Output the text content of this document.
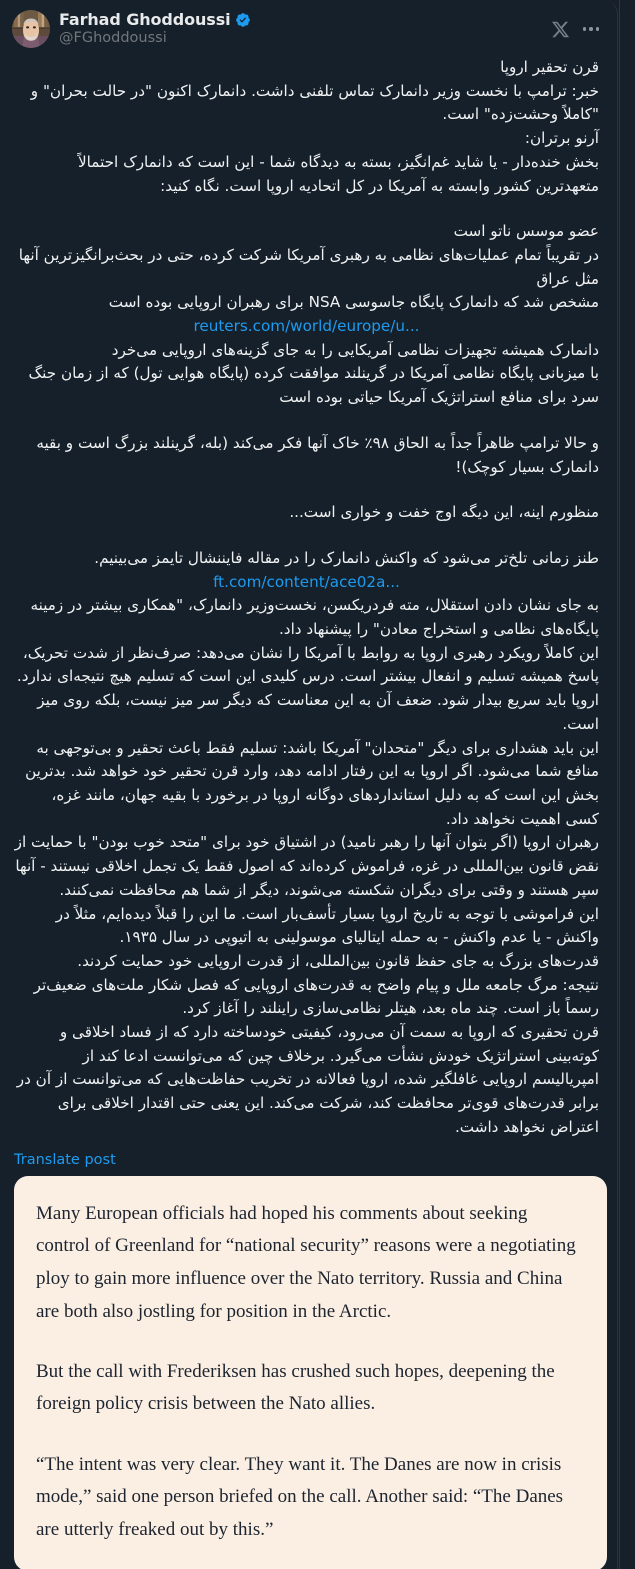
Farhad Ghoddoussi
@FGhoddoussi

قرن تحقیر اروپا

خبر: ترامپ با نخست وزیر دانمارک تماس تلفنی داشت. دانمارک اکنون "در حالت بحران" و "کاملاً وحشت‌زده" است.

آرنو برتران:

بخش خنده‌دار - یا شاید غم‌انگیز، بسته به دیدگاه شما - این است که دانمارک احتمالاً متعهدترین کشور وابسته به آمریکا در کل اتحادیه اروپا است. نگاه کنید:

عضو موسس ناتو است

در تقریباً تمام عملیات‌های نظامی به رهبری آمریکا شرکت کرده، حتی در بحث‌برانگیزترین آنها مثل عراق

مشخص شد که دانمارک پایگاه جاسوسی NSA برای رهبران اروپایی بوده است

reuters.com/world/europe/u...

دانمارک همیشه تجهیزات نظامی آمریکایی را به جای گزینه‌های اروپایی می‌خرد

با میزبانی پایگاه نظامی آمریکا در گرینلند موافقت کرده (پایگاه هوایی تول) که از زمان جنگ سرد برای منافع استراتژیک آمریکا حیاتی بوده است

و حالا ترامپ ظاهراً جداً به الحاق ۹۸٪ خاک آنها فکر می‌کند (بله، گرینلند بزرگ است و بقیه دانمارک بسیار کوچک)!

منظورم اینه، این دیگه اوج خفت و خواری است...

طنز زمانی تلخ‌تر می‌شود که واکنش دانمارک را در مقاله فایننشال تایمز می‌بینیم.

ft.com/content/ace02a...

به جای نشان دادن استقلال، مته فردریکسن، نخست‌وزیر دانمارک، "همکاری بیشتر در زمینه پایگاه‌های نظامی و استخراج معادن" را پیشنهاد داد.

این کاملاً رویکرد رهبری اروپا به روابط با آمریکا را نشان می‌دهد: صرف‌نظر از شدت تحریک، پاسخ همیشه تسلیم و انفعال بیشتر است. درس کلیدی این است که تسلیم هیچ نتیجه‌ای ندارد. اروپا باید سریع بیدار شود. ضعف آن به این معناست که دیگر سر میز نیست، بلکه روی میز است.

این باید هشداری برای دیگر "متحدان" آمریکا باشد: تسلیم فقط باعث تحقیر و بی‌توجهی به منافع شما می‌شود. اگر اروپا به این رفتار ادامه دهد، وارد قرن تحقیر خود خواهد شد. بدترین بخش این است که به دلیل استانداردهای دوگانه اروپا در برخورد با بقیه جهان، مانند غزه، کسی اهمیت نخواهد داد.

رهبران اروپا (اگر بتوان آنها را رهبر نامید) در اشتیاق خود برای "متحد خوب بودن" با حمایت از نقض قانون بین‌المللی در غزه، فراموش کرده‌اند که اصول فقط یک تجمل اخلاقی نیستند - آنها سپر هستند و وقتی برای دیگران شکسته می‌شوند، دیگر از شما هم محافظت نمی‌کنند.

این فراموشی با توجه به تاریخ اروپا بسیار تأسف‌بار است. ما این را قبلاً دیده‌ایم، مثلاً در واکنش - یا عدم واکنش - به حمله ایتالیای موسولینی به اتیوپی در سال ۱۹۳۵.

قدرت‌های بزرگ به جای حفظ قانون بین‌المللی، از قدرت اروپایی خود حمایت کردند.

نتیجه: مرگ جامعه ملل و پیام واضح به قدرت‌های اروپایی که فصل شکار ملت‌های ضعیف‌تر رسماً باز است. چند ماه بعد، هیتلر نظامی‌سازی راینلند را آغاز کرد.

قرن تحقیری که اروپا به سمت آن می‌رود، کیفیتی خودساخته دارد که از فساد اخلاقی و کوته‌بینی استراتژیک خودش نشأت می‌گیرد. برخلاف چین که می‌توانست ادعا کند از امپریالیسم اروپایی غافلگیر شده، اروپا فعالانه در تخریب حفاظت‌هایی که می‌توانست از آن در برابر قدرت‌های قوی‌تر محافظت کند، شرکت می‌کند. این یعنی حتی اقتدار اخلاقی برای اعتراض نخواهد داشت.

Translate post

Many European officials had hoped his comments about seeking control of Greenland for “national security” reasons were a negotiating ploy to gain more influence over the Nato territory. Russia and China are both also jostling for position in the Arctic.

But the call with Frederiksen has crushed such hopes, deepening the foreign policy crisis between the Nato allies.

“The intent was very clear. They want it. The Danes are now in crisis mode,” said one person briefed on the call. Another said: “The Danes are utterly freaked out by this.”
